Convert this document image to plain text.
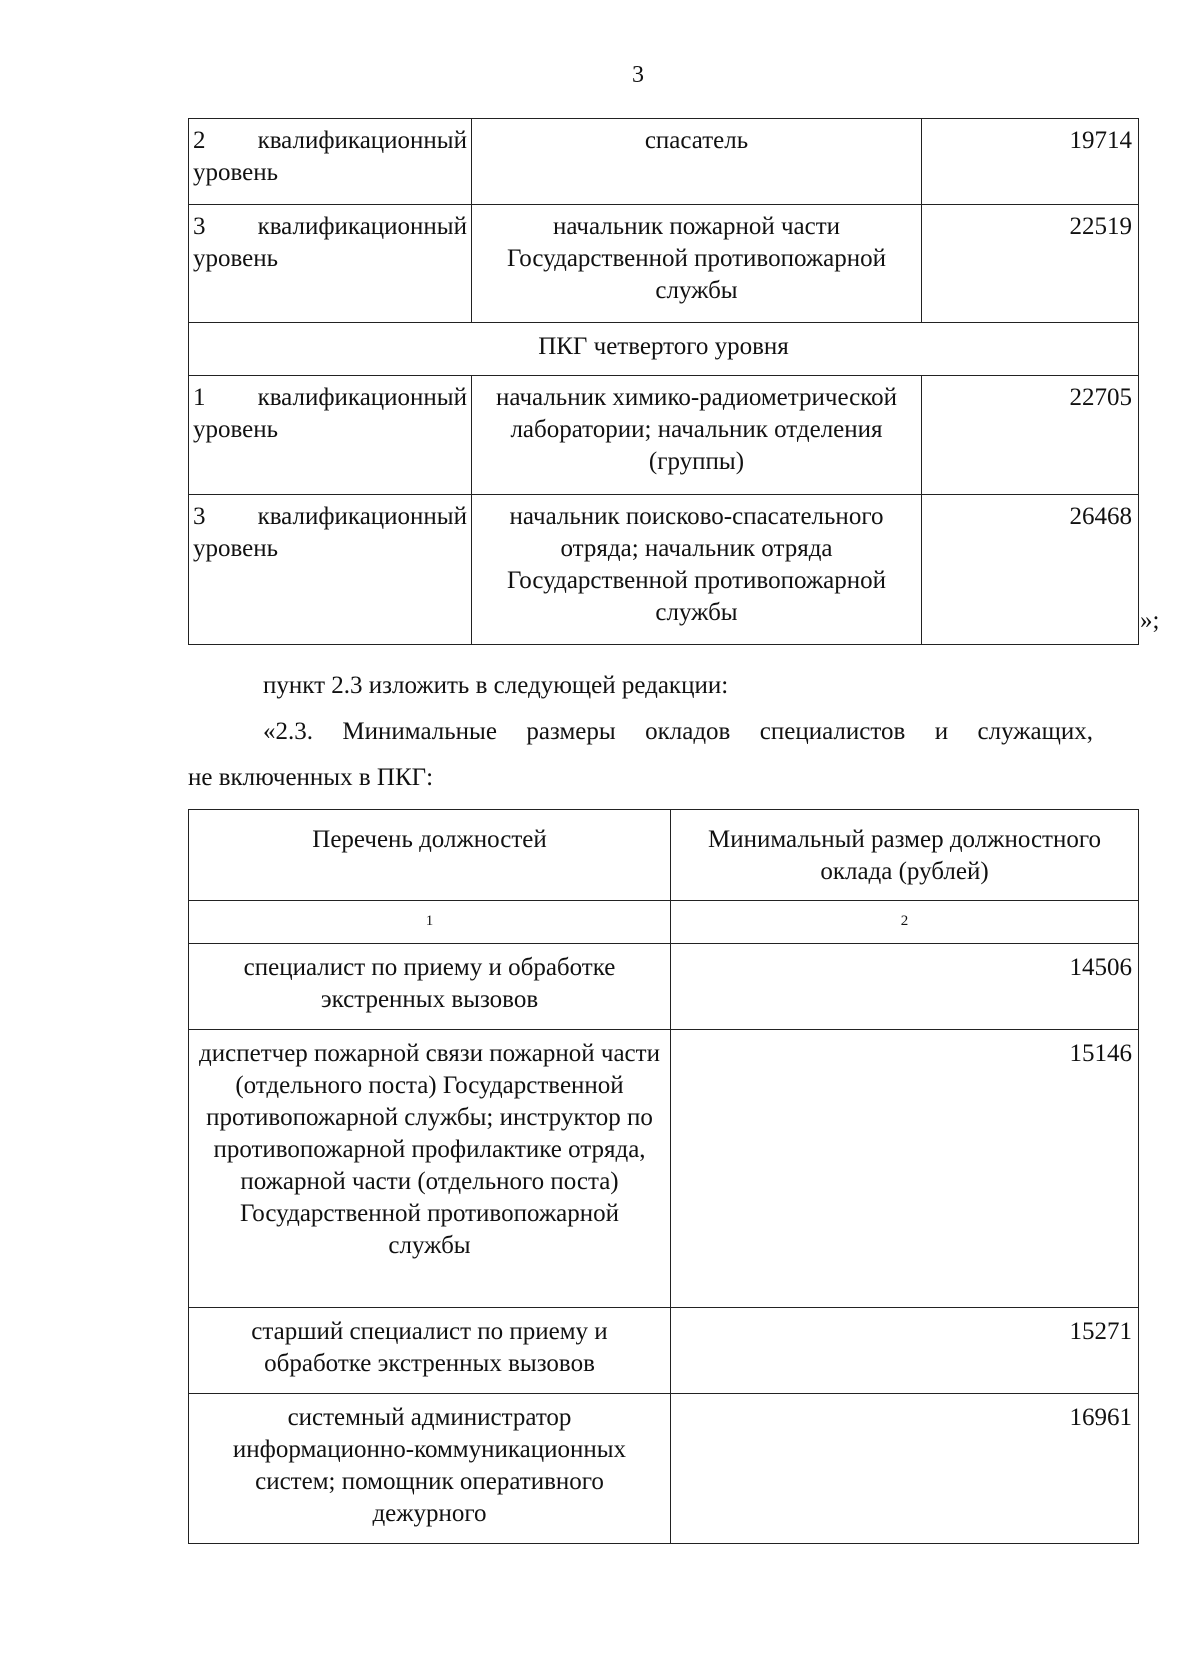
3
2 квалификационный
уровень	спасатель	19714

3 квалификационный
уровень	начальник пожарной части Государственной противопожарной службы	22519
ПКГ четвертого уровня		

1 квалификационный
уровень	начальник химико-радиометрической лаборатории; начальник отделения (группы)	22705

3 квалификационный
уровень	начальник поисково-спасательного отряда; начальник отряда Государственной противопожарной службы	26468
»;
пункт 2.3 изложить в следующей редакции:
«2.3. Минимальные размеры окладов специалистов и служащих,
не включенных в ПКГ:
Перечень должностей	Минимальный размер должностного оклада (рублей)
1	2
специалист по приему и обработке экстренных вызовов	14506
диспетчер пожарной связи пожарной части (отдельного поста) Государственной противопожарной службы; инструктор по противопожарной профилактике отряда, пожарной части (отдельного поста) Государственной противопожарной службы	15146
старший специалист по приему и обработке экстренных вызовов	15271
системный администратор информационно-коммуникационных систем; помощник оперативного дежурного	16961
